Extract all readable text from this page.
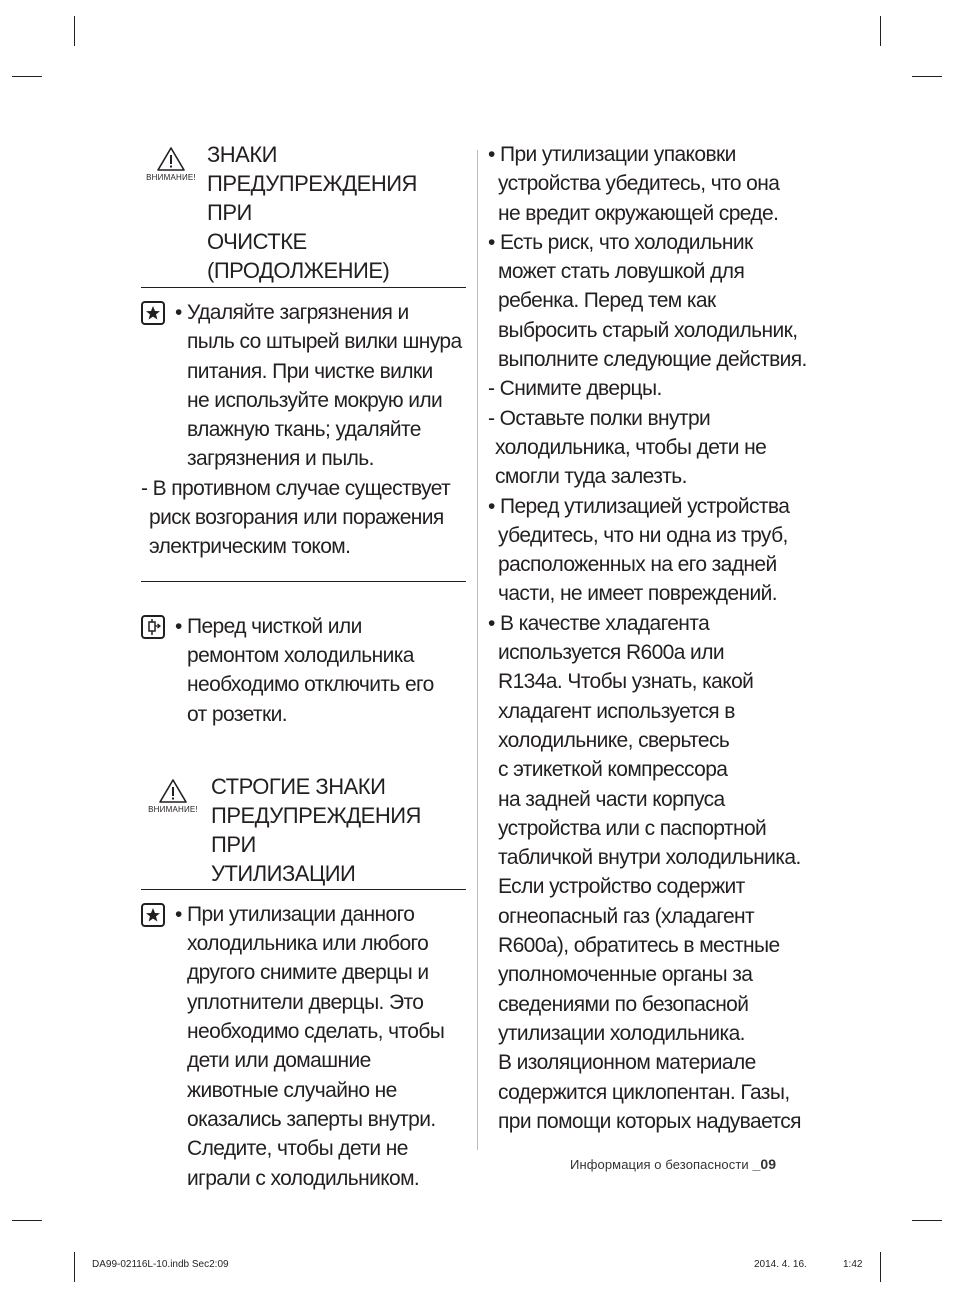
ВНИМАНИЕ!
ЗНАКИ
ПРЕДУПРЕЖДЕНИЯ ПРИ
ОЧИСТКЕ
(ПРОДОЛЖЕНИЕ)
• Удаляйте загрязнения и
пыль со штырей вилки шнура
питания. При чистке вилки
не используйте мокрую или
влажную ткань; удаляйте
загрязнения и пыль.
- В противном случае существует
риск возгорания или поражения
электрическим током.
• Перед чисткой или
ремонтом холодильника
необходимо отключить его
от розетки.
ВНИМАНИЕ!
СТРОГИЕ ЗНАКИ
ПРЕДУПРЕЖДЕНИЯ ПРИ
УТИЛИЗАЦИИ
• При утилизации данного
холодильника или любого
другого снимите дверцы и
уплотнители дверцы. Это
необходимо сделать, чтобы
дети или домашние
животные случайно не
оказались заперты внутри.
Следите, чтобы дети не
играли с холодильником.
• При утилизации упаковки
устройства убедитесь, что она
не вредит окружающей среде.
• Есть риск, что холодильник
может стать ловушкой для
ребенка. Перед тем как
выбросить старый холодильник,
выполните следующие действия.
- Снимите дверцы.
- Оставьте полки внутри
холодильника, чтобы дети не
смогли туда залезть.
• Перед утилизацией устройства
убедитесь, что ни одна из труб,
расположенных на его задней
части, не имеет повреждений.
• В качестве хладагента
используется R600a или
R134a. Чтобы узнать, какой
хладагент используется в
холодильнике, сверьтесь
с этикеткой компрессора
на задней части корпуса
устройства или с паспортной
табличкой внутри холодильника.
Если устройство содержит
огнеопасный газ (хладагент
R600a), обратитесь в местные
уполномоченные органы за
сведениями по безопасной
утилизации холодильника.
В изоляционном материале
содержится циклопентан. Газы,
при помощи которых надувается
Информация о безопасности _09
DA99-02116L-10.indb Sec2:09	2014. 4. 16.	1:42
